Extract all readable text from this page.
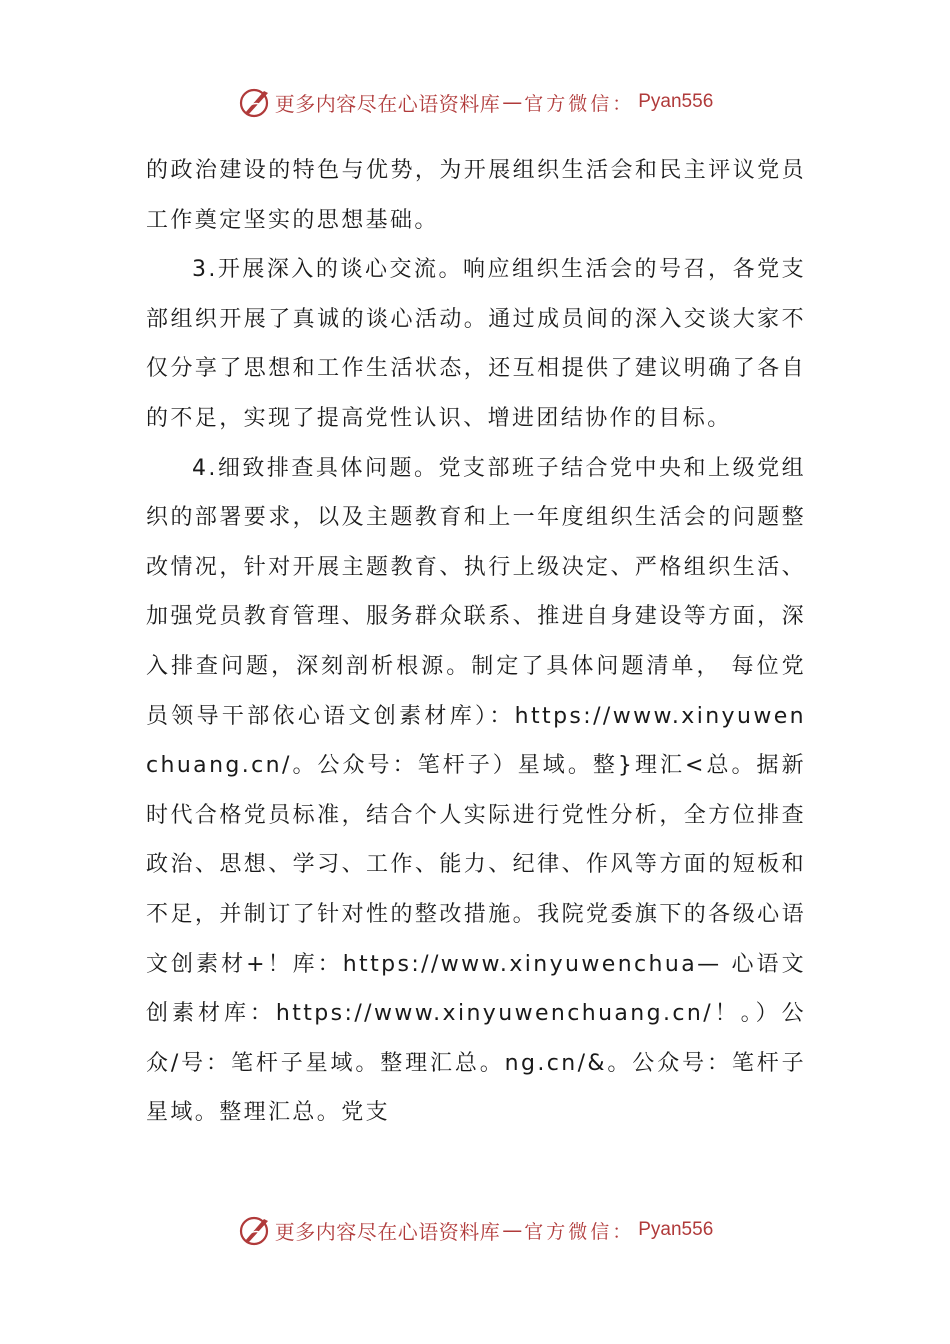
更多内容尽在心语资料库 — 官方微信： Pyan556

的政治建设的特色与优势，为开展组织生活会和民主评议党员工作奠定坚实的思想基础。

3.开展深入的谈心交流。响应组织生活会的号召，各党支部组织开展了真诚的谈心活动。通过成员间的深入交谈大家不仅分享了思想和工作生活状态，还互相提供了建议明确了各自的不足，实现了提高党性认识、增进团结协作的目标。

4.细致排查具体问题。党支部班子结合党中央和上级党组织的部署要求，以及主题教育和上一年度组织生活会的问题整改情况，针对开展主题教育、执行上级决定、严格组织生活、加强党员教育管理、服务群众联系、推进自身建设等方面，深入排查问题，深刻剖析根源。制定了具体问题清单， 每位党员领导干部依心语文创素材库）：https://www.xinyuwenchuang.cn/。公众号：笔杆子）星域。整}理汇<总。据新时代合格党员标准，结合个人实际进行党性分析，全方位排查政治、思想、学习、工作、能力、纪律、作风等方面的短板和不足，并制订了针对性的整改措施。我院党委旗下的各级心语文创素材+！库：https://www.xinyuwenchua— 心语文创素材库：https://www.xinyuwenchuang.cn/！。）公众/号：笔杆子星域。整理汇总。ng.cn/&。公众号：笔杆子星域。整理汇总。党支

更多内容尽在心语资料库 — 官方微信： Pyan556
